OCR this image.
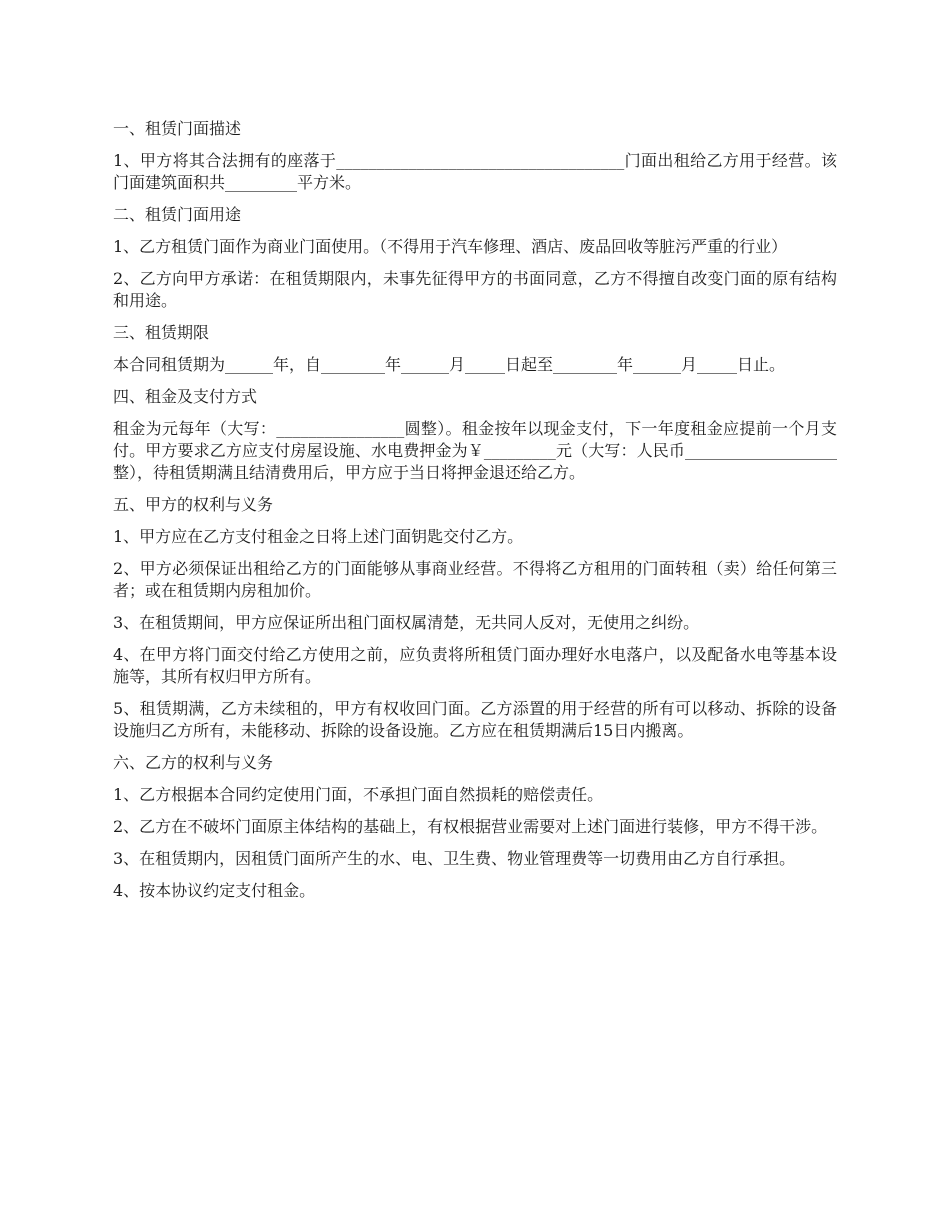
一、租赁门面描述

1、甲方将其合法拥有的座落于____________________________________门面出租给乙方用于经营。该门面建筑面积共_________平方米。

二、租赁门面用途

1、乙方租赁门面作为商业门面使用。（不得用于汽车修理、酒店、废品回收等脏污严重的行业）

2、乙方向甲方承诺：在租赁期限内，未事先征得甲方的书面同意，乙方不得擅自改变门面的原有结构和用途。

三、租赁期限

本合同租赁期为______年，自________年______月_____日起至________年______月_____日止。

四、租金及支付方式

租金为元每年（大写：________________圆整）。租金按年以现金支付，下一年度租金应提前一个月支付。甲方要求乙方应支付房屋设施、水电费押金为￥_________元（大写：人民币___________________整），待租赁期满且结清费用后，甲方应于当日将押金退还给乙方。

五、甲方的权利与义务

1、甲方应在乙方支付租金之日将上述门面钥匙交付乙方。

2、甲方必须保证出租给乙方的门面能够从事商业经营。不得将乙方租用的门面转租（卖）给任何第三者；或在租赁期内房租加价。

3、在租赁期间，甲方应保证所出租门面权属清楚，无共同人反对，无使用之纠纷。

4、在甲方将门面交付给乙方使用之前，应负责将所租赁门面办理好水电落户，以及配备水电等基本设施等，其所有权归甲方所有。

5、租赁期满，乙方未续租的，甲方有权收回门面。乙方添置的用于经营的所有可以移动、拆除的设备设施归乙方所有，未能移动、拆除的设备设施。乙方应在租赁期满后15日内搬离。

六、乙方的权利与义务

1、乙方根据本合同约定使用门面，不承担门面自然损耗的赔偿责任。

2、乙方在不破坏门面原主体结构的基础上，有权根据营业需要对上述门面进行装修，甲方不得干涉。

3、在租赁期内，因租赁门面所产生的水、电、卫生费、物业管理费等一切费用由乙方自行承担。

4、按本协议约定支付租金。
